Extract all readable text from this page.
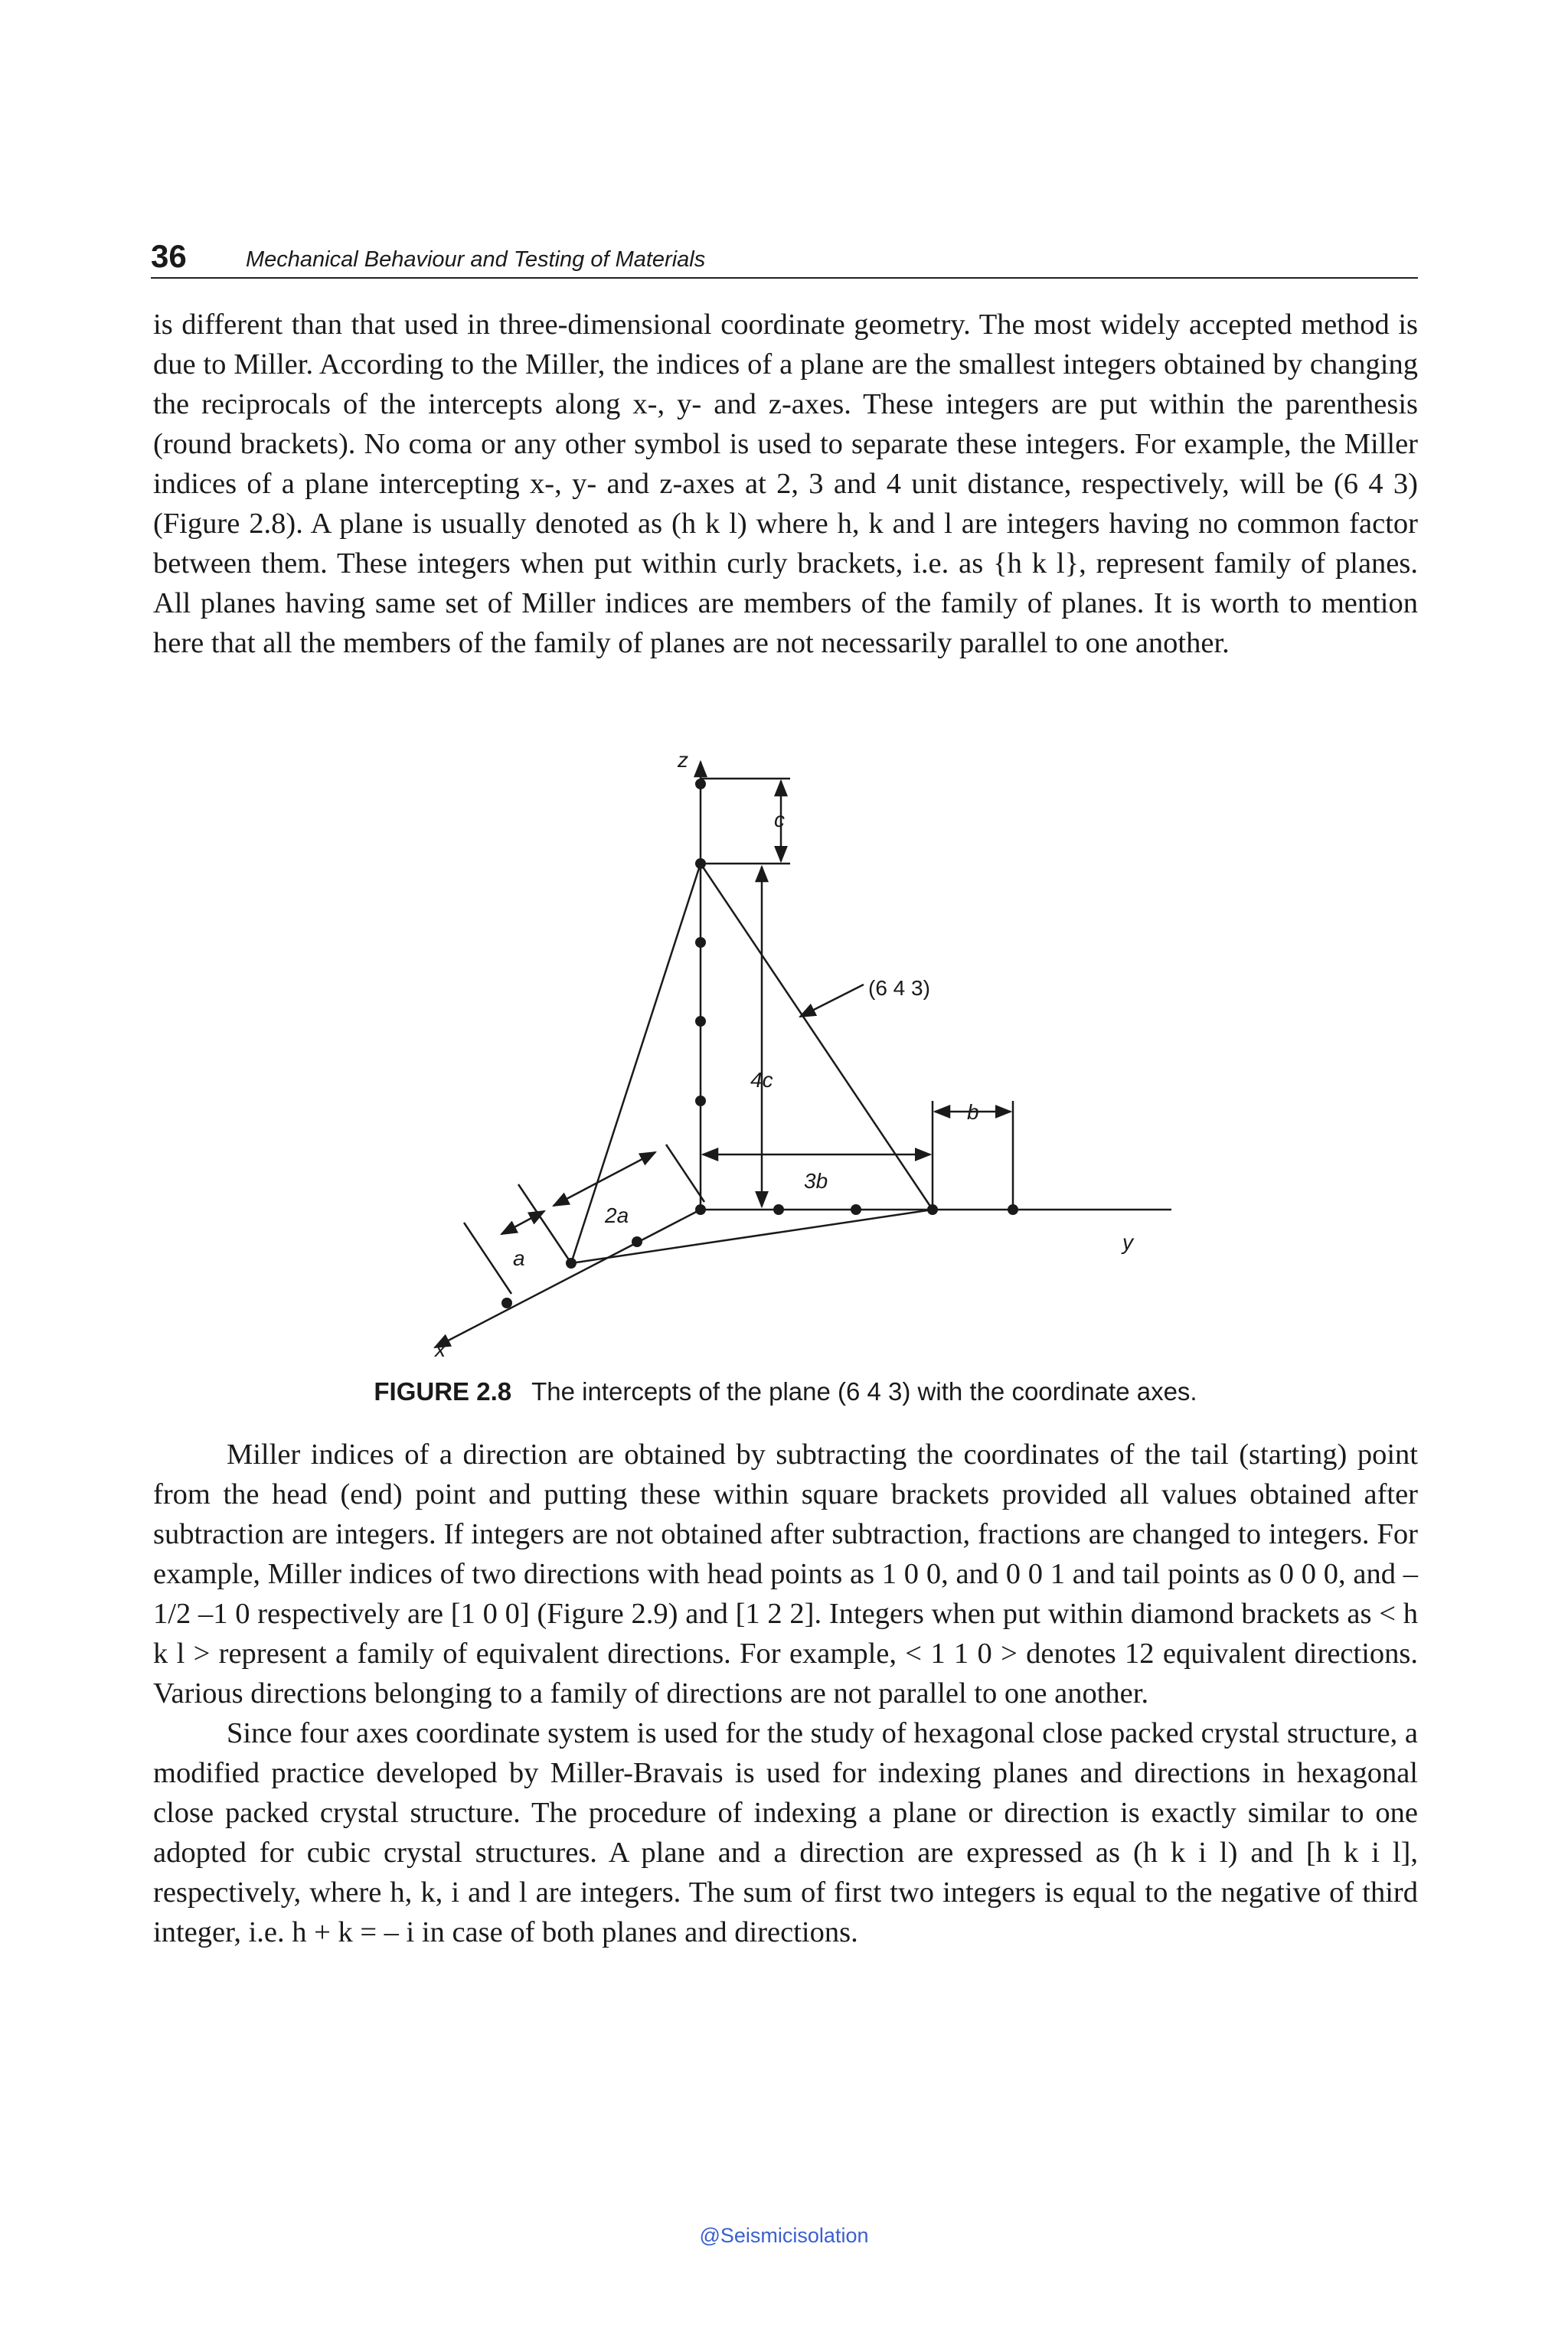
36	Mechanical Behaviour and Testing of Materials

is different than that used in three-dimensional coordinate geometry. The most widely accepted method is due to Miller. According to the Miller, the indices of a plane are the smallest integers obtained by changing the reciprocals of the intercepts along x-, y- and z-axes. These integers are put within the parenthesis (round brackets). No coma or any other symbol is used to separate these integers. For example, the Miller indices of a plane intercepting x-, y- and z-axes at 2, 3 and 4 unit distance, respectively, will be (6 4 3) (Figure 2.8). A plane is usually denoted as (h k l) where h, k and l are integers having no common factor between them. These integers when put within curly brackets, i.e. as {h k l}, represent family of planes. All planes having same set of Miller indices are members of the family of planes. It is worth to mention here that all the members of the family of planes are not necessarily parallel to one another.

z
y
x
c
4c
3b
b
2a
a
(6 4 3)
FIGURE 2.8 The intercepts of the plane (6 4 3) with the coordinate axes.

Miller indices of a direction are obtained by subtracting the coordinates of the tail (starting) point from the head (end) point and putting these within square brackets provided all values obtained after subtraction are integers. If integers are not obtained after subtraction, fractions are changed to integers. For example, Miller indices of two directions with head points as 1 0 0, and 0 0 1 and tail points as 0 0 0, and –1/2 –1 0 respectively are [1 0 0] (Figure 2.9) and [1 2 2]. Integers when put within diamond brackets as < h k l > represent a family of equivalent directions. For example, < 1 1 0 > denotes 12 equivalent directions. Various directions belonging to a family of directions are not parallel to one another.

Since four axes coordinate system is used for the study of hexagonal close packed crystal structure, a modified practice developed by Miller-Bravais is used for indexing planes and directions in hexagonal close packed crystal structure. The procedure of indexing a plane or direction is exactly similar to one adopted for cubic crystal structures. A plane and a direction are expressed as (h k i l) and [h k i l], respectively, where h, k, i and l are integers. The sum of first two integers is equal to the negative of third integer, i.e. h + k = – i in case of both planes and directions.

@Seismicisolation
